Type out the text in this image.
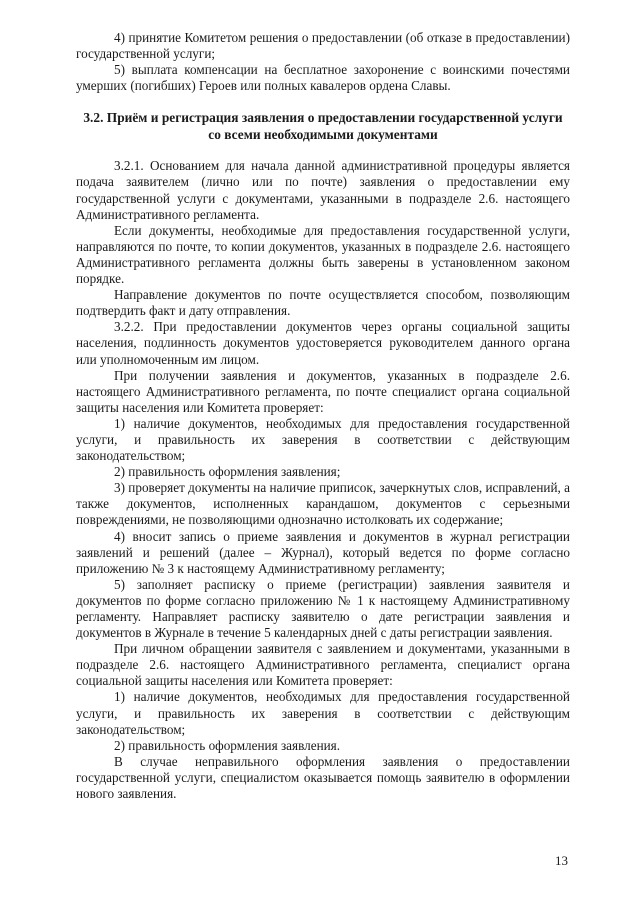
4) принятие Комитетом решения о предоставлении (об отказе в предоставлении) государственной услуги;

5) выплата компенсации на бесплатное захоронение с воинскими почестями умерших (погибших) Героев или полных кавалеров ордена Славы.

3.2. Приём и регистрация заявления о предоставлении государственной услуги со всеми необходимыми документами

3.2.1. Основанием для начала данной административной процедуры является подача заявителем (лично или по почте) заявления о предоставлении ему государственной услуги с документами, указанными в подразделе 2.6. настоящего Административного регламента.

Если документы, необходимые для предоставления государственной услуги, направляются по почте, то копии документов, указанных в подразделе 2.6. настоящего Административного регламента должны быть заверены в установленном законом порядке.

Направление документов по почте осуществляется способом, позволяющим подтвердить факт и дату отправления.

3.2.2. При предоставлении документов через органы социальной защиты населения, подлинность документов удостоверяется руководителем данного органа или уполномоченным им лицом.

При получении заявления и документов, указанных в подразделе 2.6. настоящего Административного регламента, по почте специалист органа социальной защиты населения или Комитета проверяет:

1) наличие документов, необходимых для предоставления государственной услуги, и правильность их заверения в соответствии с действующим законодательством;

2) правильность оформления заявления;

3) проверяет документы на наличие приписок, зачеркнутых слов, исправлений, а также документов, исполненных карандашом, документов с серьезными повреждениями, не позволяющими однозначно истолковать их содержание;

4) вносит запись о приеме заявления и документов в журнал регистрации заявлений и решений (далее – Журнал), который ведется по форме согласно приложению № 3 к настоящему Административному регламенту;

5) заполняет расписку о приеме (регистрации) заявления заявителя и документов по форме согласно приложению № 1 к настоящему Административному регламенту. Направляет расписку заявителю о дате регистрации заявления и документов в Журнале в течение 5 календарных дней с даты регистрации заявления.

При личном обращении заявителя с заявлением и документами, указанными в подразделе 2.6. настоящего Административного регламента, специалист органа социальной защиты населения или Комитета проверяет:

1) наличие документов, необходимых для предоставления государственной услуги, и правильность их заверения в соответствии с действующим законодательством;

2) правильность оформления заявления.

В случае неправильного оформления заявления о предоставлении государственной услуги, специалистом оказывается помощь заявителю в оформлении нового заявления.

13
